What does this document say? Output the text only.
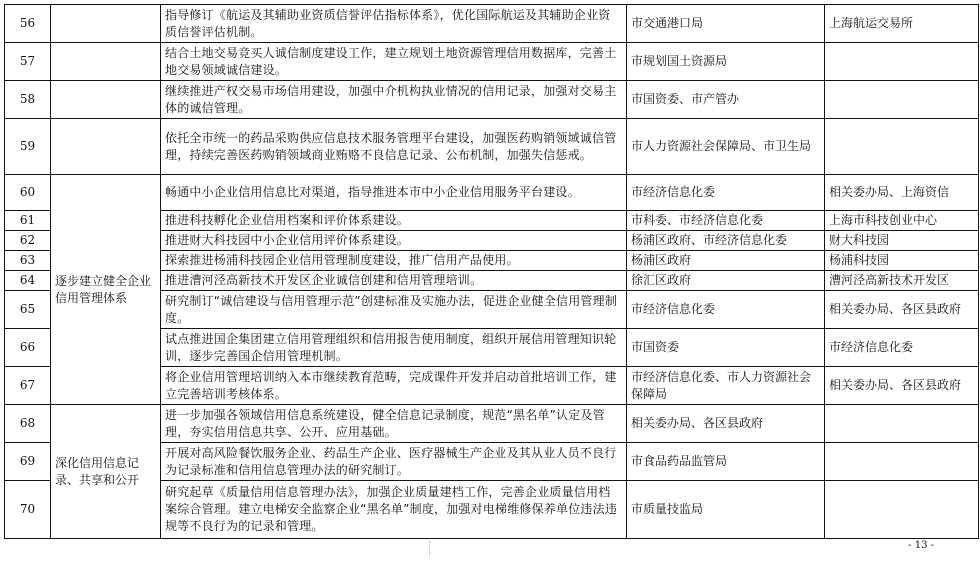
56		指导修订《航运及其辅助业资质信誉评估指标体系》，优化国际航运及其辅助企业资质信誉评估机制。	市交通港口局	上海航运交易所
57		结合土地交易竞买人诚信制度建设工作，建立规划土地资源管理信用数据库，完善土地交易领域诚信建设。	市规划国土资源局	
58		继续推进产权交易市场信用建设，加强中介机构执业情况的信用记录，加强对交易主体的诚信管理。	市国资委、市产管办	
59		依托全市统一的药品采购供应信息技术服务管理平台建设，加强医药购销领域诚信管理，持续完善医药购销领域商业贿赂不良信息记录、公布机制，加强失信惩戒。	市人力资源社会保障局、市卫生局	
60	逐步建立健全企业信用管理体系	畅通中小企业信用信息比对渠道，指导推进本市中小企业信用服务平台建设。	市经济信息化委	相关委办局、上海资信
61		推进科技孵化企业信用档案和评价体系建设。	市科委、市经济信息化委	上海市科技创业中心
62		推进财大科技园中小企业信用评价体系建设。	杨浦区政府、市经济信息化委	财大科技园
63		探索推进杨浦科技园企业信用管理制度建设，推广信用产品使用。	杨浦区政府	杨浦科技园
64		推进漕河泾高新技术开发区企业诚信创建和信用管理培训。	徐汇区政府	漕河泾高新技术开发区
65		研究制订“诚信建设与信用管理示范”创建标准及实施办法，促进企业健全信用管理制度。	市经济信息化委	相关委办局、各区县政府
66		试点推进国企集团建立信用管理组织和信用报告使用制度，组织开展信用管理知识轮训，逐步完善国企信用管理机制。	市国资委	市经济信息化委
67		将企业信用管理培训纳入本市继续教育范畴，完成课件开发并启动首批培训工作，建立完善培训考核体系。	市经济信息化委、市人力资源社会保障局	相关委办局、各区县政府
68	深化信用信息记录、共享和公开	进一步加强各领域信用信息系统建设，健全信息记录制度，规范“黑名单”认定及管理，夯实信用信息共享、公开、应用基础。	相关委办局、各区县政府	
69		开展对高风险餐饮服务企业、药品生产企业、医疗器械生产企业及其从业人员不良行为记录标准和信用信息管理办法的研究制订。	市食品药品监管局	
70		研究起草《质量信用信息管理办法》，加强企业质量建档工作，完善企业质量信用档案综合管理。建立电梯安全监察企业“黑名单”制度，加强对电梯维修保养单位违法违规等不良行为的记录和管理。	市质量技监局	
- 13 -
